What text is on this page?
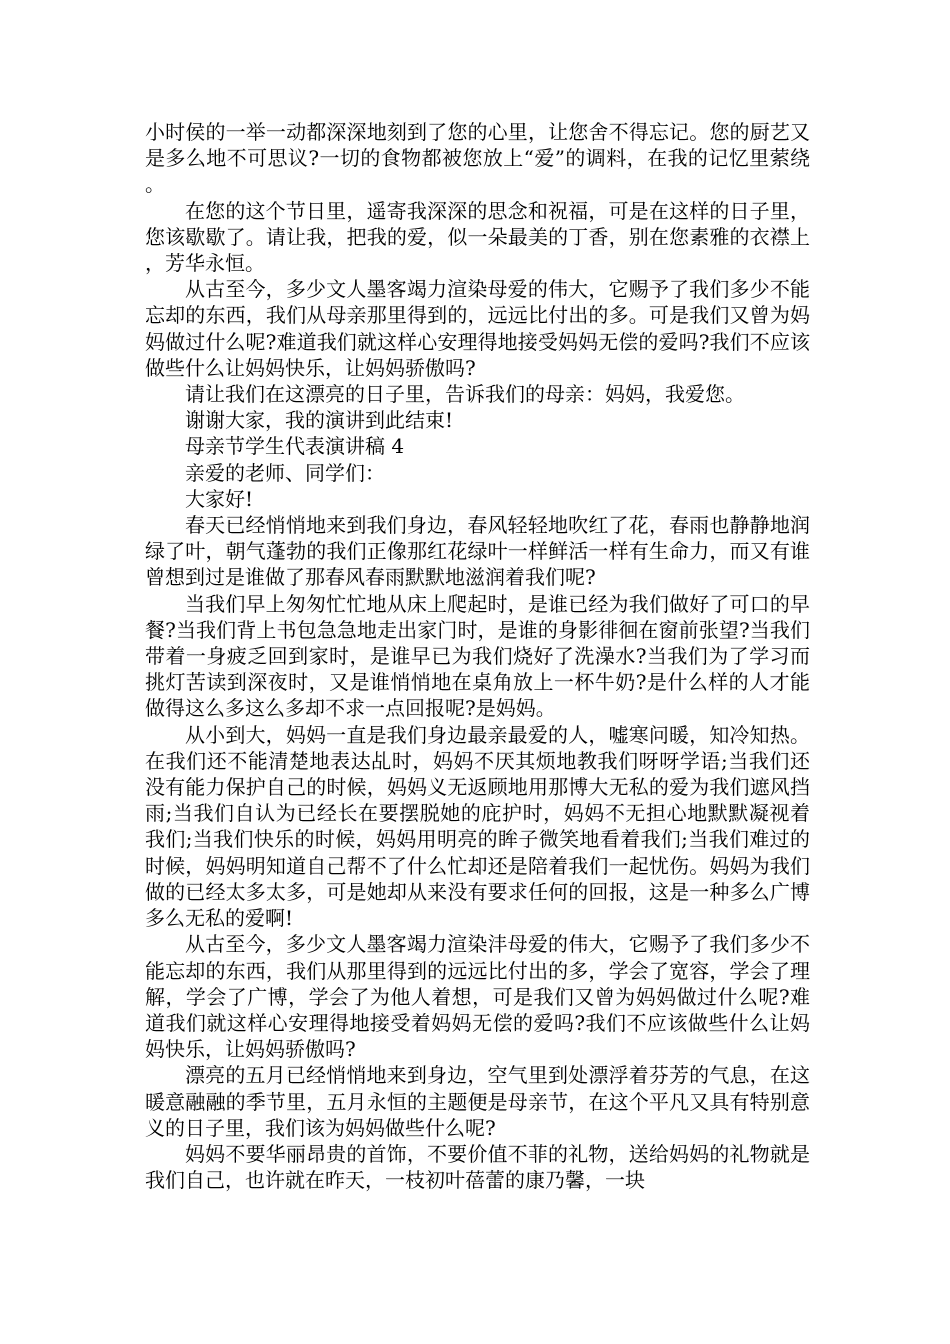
小时侯的一举一动都深深地刻到了您的心里，让您舍不得忘记。您的厨艺又是多么地不可思议?一切的食物都被您放上“爱”的调料，在我的记忆里萦绕。

在您的这个节日里，遥寄我深深的思念和祝福，可是在这样的日子里，您该歇歇了。请让我，把我的爱，似一朵最美的丁香，别在您素雅的衣襟上，芳华永恒。

从古至今，多少文人墨客竭力渲染母爱的伟大，它赐予了我们多少不能忘却的东西，我们从母亲那里得到的，远远比付出的多。可是我们又曾为妈妈做过什么呢?难道我们就这样心安理得地接受妈妈无偿的爱吗?我们不应该做些什么让妈妈快乐，让妈妈骄傲吗?

请让我们在这漂亮的日子里，告诉我们的母亲：妈妈，我爱您。

谢谢大家，我的演讲到此结束!

母亲节学生代表演讲稿 4

亲爱的老师、同学们：

大家好!

春天已经悄悄地来到我们身边，春风轻轻地吹红了花，春雨也静静地润绿了叶，朝气蓬勃的我们正像那红花绿叶一样鲜活一样有生命力，而又有谁曾想到过是谁做了那春风春雨默默地滋润着我们呢?

当我们早上匆匆忙忙地从床上爬起时，是谁已经为我们做好了可口的早餐?当我们背上书包急急地走出家门时，是谁的身影徘徊在窗前张望?当我们带着一身疲乏回到家时，是谁早已为我们烧好了洗澡水?当我们为了学习而挑灯苦读到深夜时，又是谁悄悄地在桌角放上一杯牛奶?是什么样的人才能做得这么多这么多却不求一点回报呢?是妈妈。

从小到大，妈妈一直是我们身边最亲最爱的人，嘘寒问暖，知冷知热。在我们还不能清楚地表达乩时，妈妈不厌其烦地教我们呀呀学语;当我们还没有能力保护自己的时候，妈妈义无返顾地用那博大无私的爱为我们遮风挡雨;当我们自认为已经长在要摆脱她的庇护时，妈妈不无担心地默默凝视着我们;当我们快乐的时候，妈妈用明亮的眸子微笑地看着我们;当我们难过的时候，妈妈明知道自己帮不了什么忙却还是陪着我们一起忧伤。妈妈为我们做的已经太多太多，可是她却从来没有要求任何的回报，这是一种多么广博多么无私的爱啊!

从古至今，多少文人墨客竭力渲染沣母爱的伟大，它赐予了我们多少不能忘却的东西，我们从那里得到的远远比付出的多，学会了宽容，学会了理解，学会了广博，学会了为他人着想，可是我们又曾为妈妈做过什么呢?难道我们就这样心安理得地接受着妈妈无偿的爱吗?我们不应该做些什么让妈妈快乐，让妈妈骄傲吗?

漂亮的五月已经悄悄地来到身边，空气里到处漂浮着芬芳的气息，在这暖意融融的季节里，五月永恒的主题便是母亲节，在这个平凡又具有特别意义的日子里，我们该为妈妈做些什么呢?

妈妈不要华丽昂贵的首饰，不要价值不菲的礼物，送给妈妈的礼物就是我们自己，也许就在昨天，一枝初叶蓓蕾的康乃馨，一块
